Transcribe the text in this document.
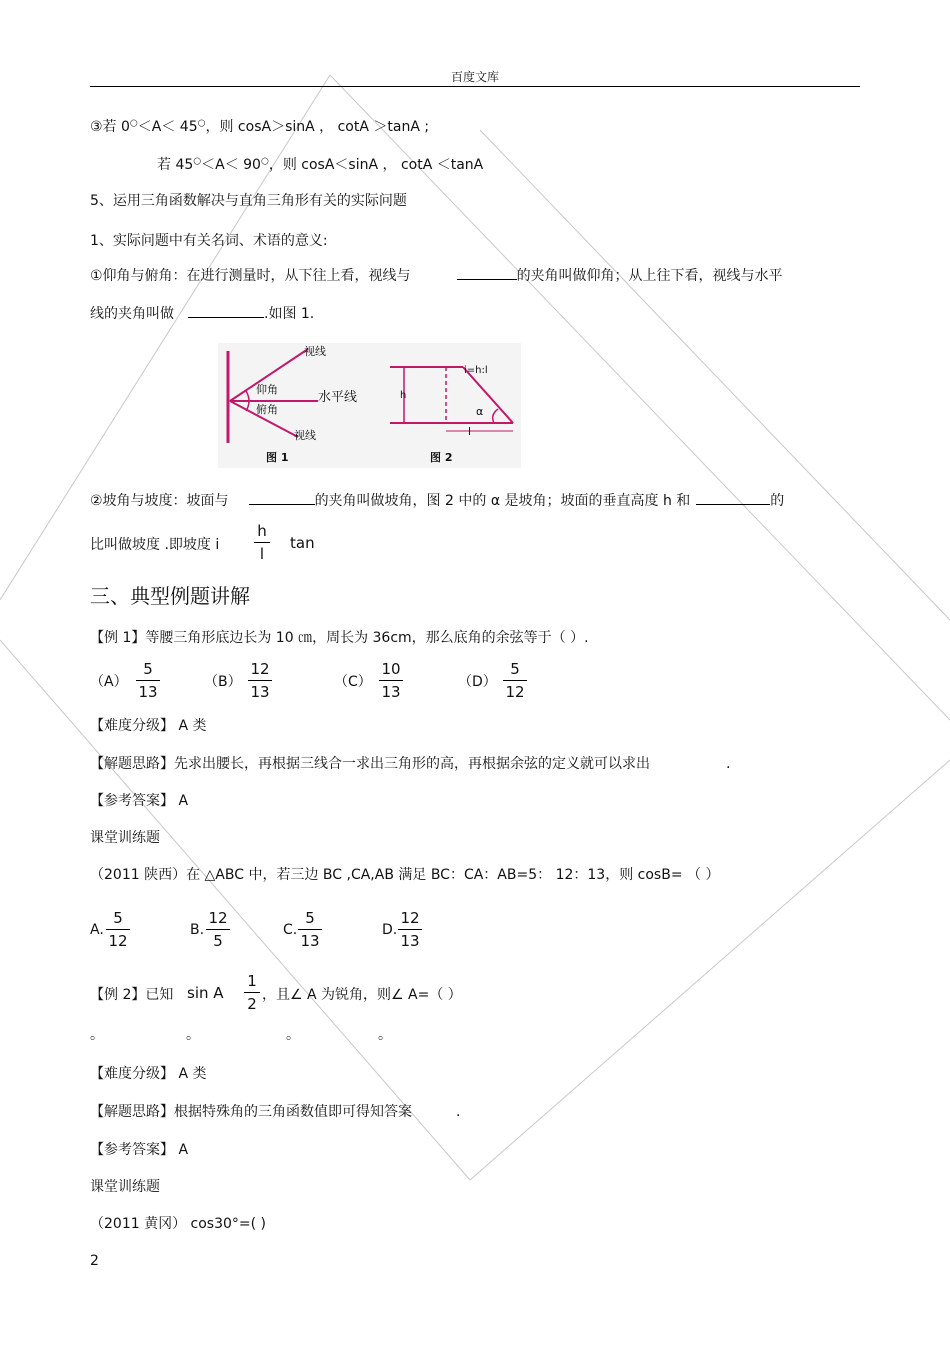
百度文库
③若 0○＜A＜ 45○，则 cosA＞sinA ， cotA ＞tanA ;
若 45○＜A＜ 90○，则 cosA＜sinA ， cotA ＜tanA
5、运用三角函数解决与直角三角形有关的实际问题
1、实际问题中有关名词、术语的意义:
①仰角与俯角：在进行测量时，从下往上看，视线与	的夹角叫做仰角；从上往下看，视线与水平
线的夹角叫做	.如图 1.
视线
仰角
俯角
水平线
视线
图 1
i=h:l
h
α
l
图 2
②坡角与坡度：坡面与	的夹角叫做坡角，图 2 中的 α 是坡角；坡面的垂直高度 h 和	的
比叫做坡度 .即坡度 i
h
l
tan
三、典型例题讲解
【例 1】等腰三角形底边长为 10 ㎝，周长为 36cm，那么底角的余弦等于（ ）.
（A）
5
13
（B）
12
13
（C）
10
13
（D）
5
12
【难度分级】 A 类
【解题思路】先求出腰长，再根据三线合一求出三角形的高，再根据余弦的定义就可以求出	.
【参考答案】 A
课堂训练题
（2011 陕西）在 △ABC 中，若三边 BC ,CA,AB 满足 BC：CA：AB=5： 12：13，则 cosB= （ ）
A.
5
12
B.
12
5
C.
5
13
D.
12
13
【例 2】已知 sin A
1
2 ，且∠ A 为锐角，则∠ A=（ ）
。	。	。	。
【难度分级】 A 类
【解题思路】根据特殊角的三角函数值即可得知答案	.
【参考答案】 A
课堂训练题
（2011 黄冈） cos30°=( )
2
